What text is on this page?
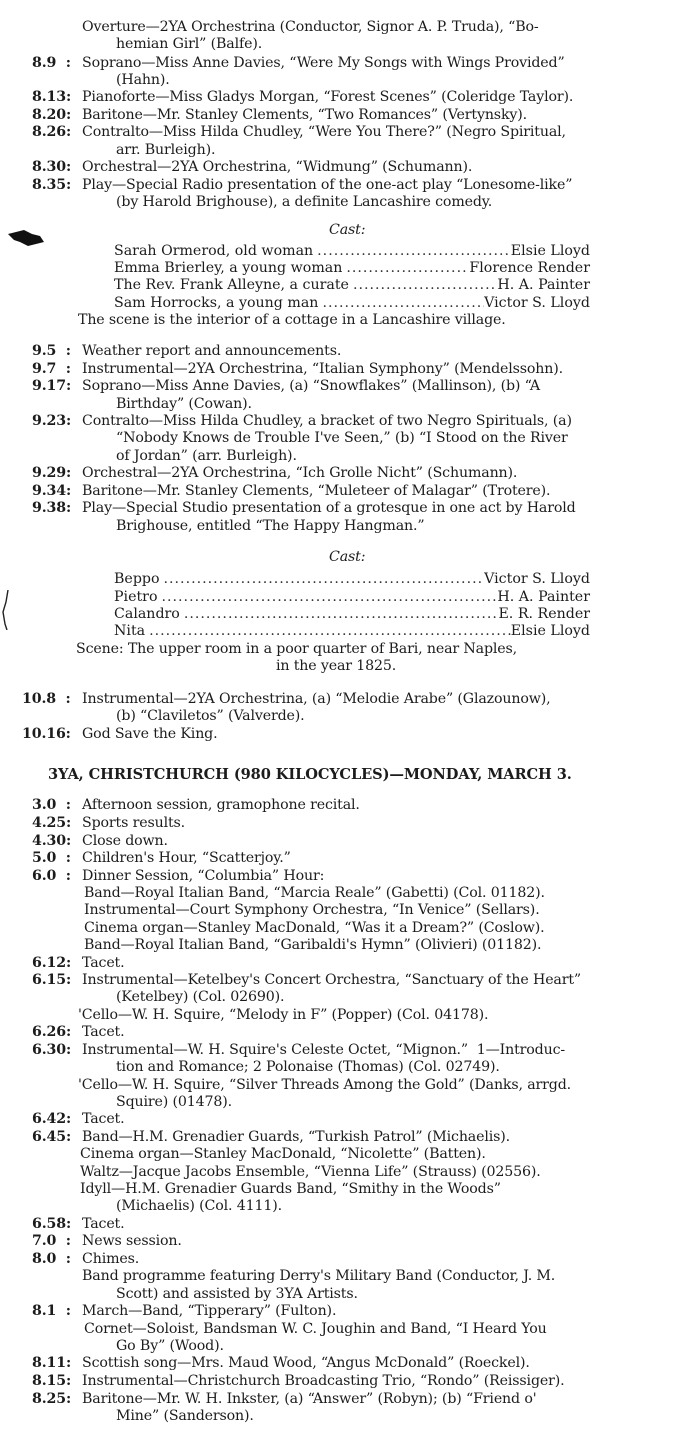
Overture—2YA Orchestrina (Conductor, Signor A. P. Truda), “Bo-
hemian Girl” (Balfe).
8.9  : Soprano—Miss Anne Davies, “Were My Songs with Wings Provided”
(Hahn).
8.13: Pianoforte—Miss Gladys Morgan, “Forest Scenes” (Coleridge Taylor).
8.20: Baritone—Mr. Stanley Clements, “Two Romances” (Vertynsky).
8.26: Contralto—Miss Hilda Chudley, “Were You There?” (Negro Spiritual,
arr. Burleigh).
8.30: Orchestral—2YA Orchestrina, “Widmung” (Schumann).
8.35: Play—Special Radio presentation of the one-act play “Lonesome-like”
(by Harold Brighouse), a definite Lancashire comedy.
Cast:
Sarah Ormerod, old woman .....	Elsie Lloyd
Emma Brierley, a young woman .....	Florence Render
The Rev. Frank Alleyne, a curate .....	H. A. Painter
Sam Horrocks, a young man .....	Victor S. Lloyd
The scene is the interior of a cottage in a Lancashire village.
9.5  : Weather report and announcements.
9.7  : Instrumental—2YA Orchestrina, “Italian Symphony” (Mendelssohn).
9.17: Soprano—Miss Anne Davies, (a) “Snowflakes” (Mallinson), (b) “A
Birthday” (Cowan).
9.23: Contralto—Miss Hilda Chudley, a bracket of two Negro Spirituals, (a)
“Nobody Knows de Trouble I've Seen,” (b) “I Stood on the River
of Jordan” (arr. Burleigh).
9.29: Orchestral—2YA Orchestrina, “Ich Grolle Nicht” (Schumann).
9.34: Baritone—Mr. Stanley Clements, “Muleteer of Malagar” (Trotere).
9.38: Play—Special Studio presentation of a grotesque in one act by Harold
Brighouse, entitled “The Happy Hangman.”
Cast:
Beppo .....	Victor S. Lloyd
Pietro .....	H. A. Painter
Calandro .....	E. R. Render
Nita .....	Elsie Lloyd
Scene: The upper room in a poor quarter of Bari, near Naples,
in the year 1825.
10.8  : Instrumental—2YA Orchestrina, (a) “Melodie Arabe” (Glazounow),
(b) “Claviletos” (Valverde).
10.16: God Save the King.
3YA, CHRISTCHURCH (980 KILOCYCLES)—MONDAY, MARCH 3.
3.0  : Afternoon session, gramophone recital.
4.25: Sports results.
4.30: Close down.
5.0  : Children's Hour, “Scatterjoy.”
6.0  : Dinner Session, “Columbia” Hour:
Band—Royal Italian Band, “Marcia Reale” (Gabetti) (Col. 01182).
Instrumental—Court Symphony Orchestra, “In Venice” (Sellars).
Cinema organ—Stanley MacDonald, “Was it a Dream?” (Coslow).
Band—Royal Italian Band, “Garibaldi's Hymn” (Olivieri) (01182).
6.12: Tacet.
6.15: Instrumental—Ketelbey's Concert Orchestra, “Sanctuary of the Heart”
(Ketelbey) (Col. 02690).
'Cello—W. H. Squire, “Melody in F” (Popper) (Col. 04178).
6.26: Tacet.
6.30: Instrumental—W. H. Squire's Celeste Octet, “Mignon.”  1—Introduc-
tion and Romance; 2 Polonaise (Thomas) (Col. 02749).
'Cello—W. H. Squire, “Silver Threads Among the Gold” (Danks, arrgd.
Squire) (01478).
6.42: Tacet.
6.45: Band—H.M. Grenadier Guards, “Turkish Patrol” (Michaelis).
Cinema organ—Stanley MacDonald, “Nicolette” (Batten).
Waltz—Jacque Jacobs Ensemble, “Vienna Life” (Strauss) (02556).
Idyll—H.M. Grenadier Guards Band, “Smithy in the Woods”
(Michaelis) (Col. 4111).
6.58: Tacet.
7.0  : News session.
8.0  : Chimes.
Band programme featuring Derry's Military Band (Conductor, J. M.
Scott) and assisted by 3YA Artists.
8.1  : March—Band, “Tipperary” (Fulton).
Cornet—Soloist, Bandsman W. C. Joughin and Band, “I Heard You
Go By” (Wood).
8.11: Scottish song—Mrs. Maud Wood, “Angus McDonald” (Roeckel).
8.15: Instrumental—Christchurch Broadcasting Trio, “Rondo” (Reissiger).
8.25: Baritone—Mr. W. H. Inkster, (a) “Answer” (Robyn); (b) “Friend o'
Mine” (Sanderson).
